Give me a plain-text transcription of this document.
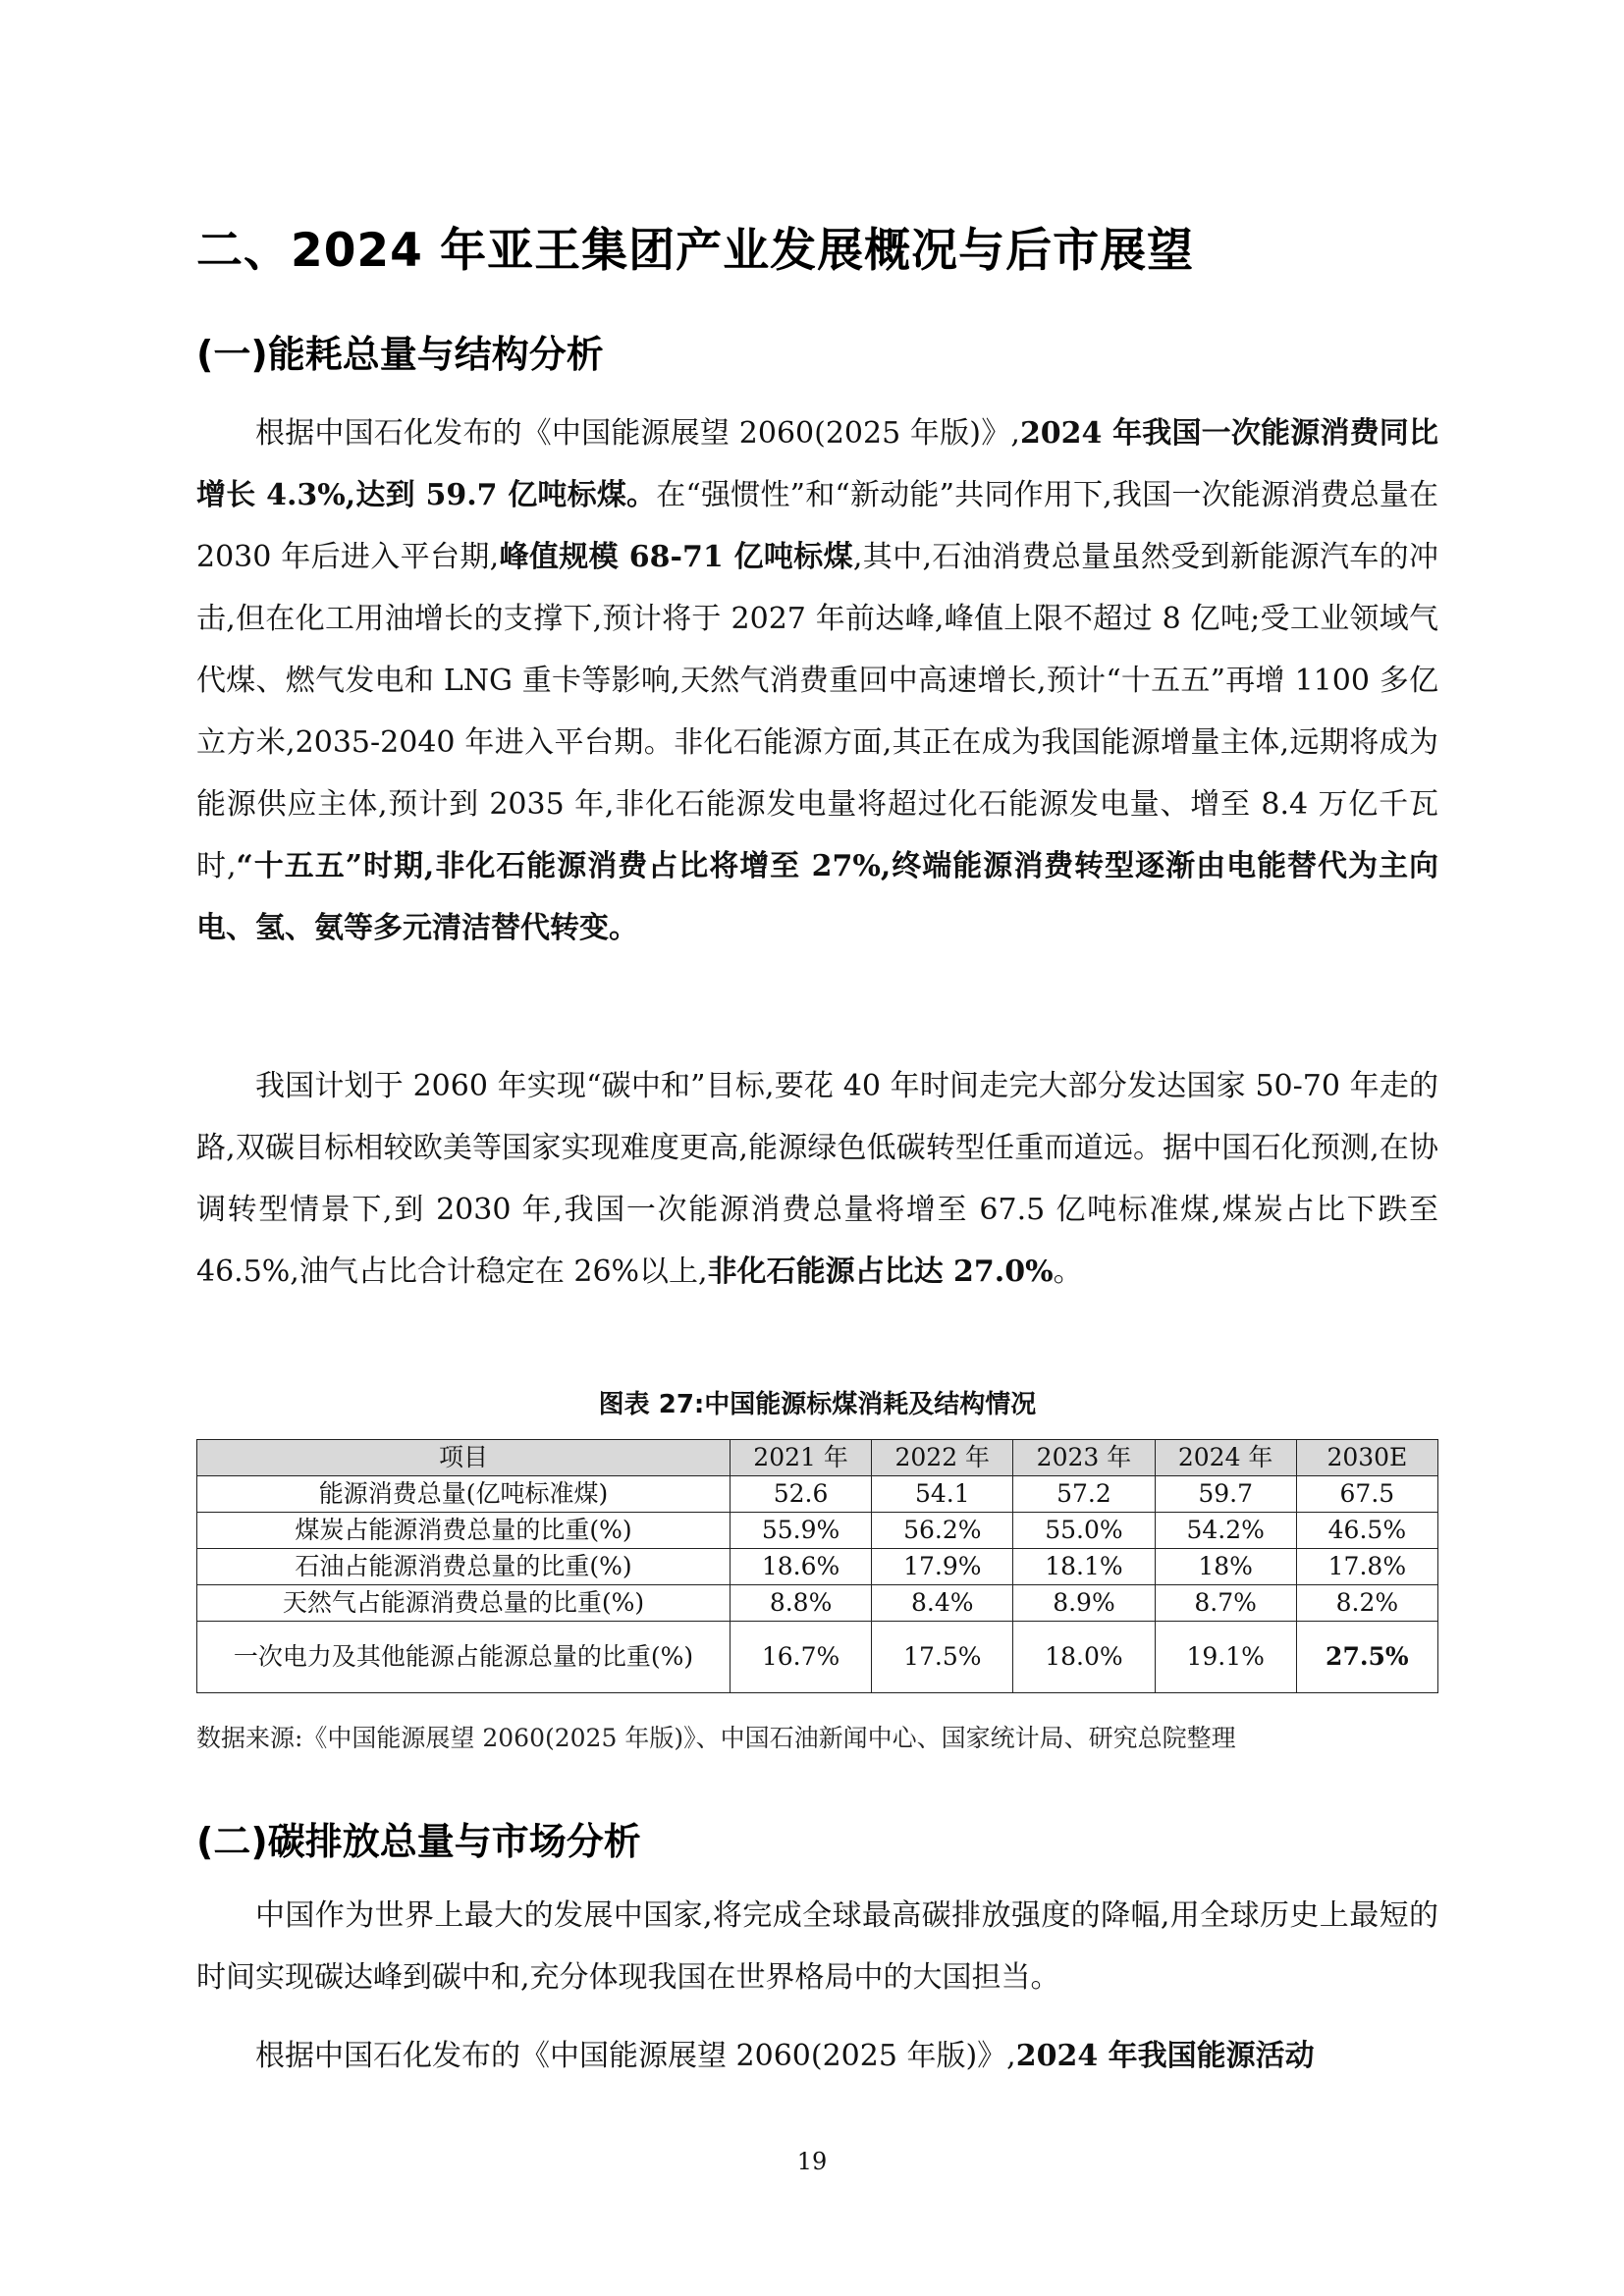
二、2024 年亚王集团产业发展概况与后市展望
(一)能耗总量与结构分析

根据中国石化发布的《中国能源展望 2060(2025 年版)》,2024 年我国一次能源消费同比增长 4.3%,达到 59.7 亿吨标煤。在“强惯性”和“新动能”共同作用下,我国一次能源消费总量在 2030 年后进入平台期,峰值规模 68-71 亿吨标煤,其中,石油消费总量虽然受到新能源汽车的冲击,但在化工用油增长的支撑下,预计将于 2027 年前达峰,峰值上限不超过 8 亿吨;受工业领域气代煤、燃气发电和 LNG 重卡等影响,天然气消费重回中高速增长,预计“十五五”再增 1100 多亿立方米,2035-2040 年进入平台期。非化石能源方面,其正在成为我国能源增量主体,远期将成为能源供应主体,预计到 2035 年,非化石能源发电量将超过化石能源发电量、增至 8.4 万亿千瓦时,“十五五”时期,非化石能源消费占比将增至 27%,终端能源消费转型逐渐由电能替代为主向电、氢、氨等多元清洁替代转变。

我国计划于 2060 年实现“碳中和”目标,要花 40 年时间走完大部分发达国家 50-70 年走的路,双碳目标相较欧美等国家实现难度更高,能源绿色低碳转型任重而道远。据中国石化预测,在协调转型情景下,到 2030 年,我国一次能源消费总量将增至 67.5 亿吨标准煤,煤炭占比下跌至 46.5%,油气占比合计稳定在 26%以上,非化石能源占比达 27.0%。

图表 27:中国能源标煤消耗及结构情况
项目	2021 年	2022 年	2023 年	2024 年	2030E
能源消费总量(亿吨标准煤)	52.6	54.1	57.2	59.7	67.5
煤炭占能源消费总量的比重(%)	55.9%	56.2%	55.0%	54.2%	46.5%
石油占能源消费总量的比重(%)	18.6%	17.9%	18.1%	18%	17.8%
天然气占能源消费总量的比重(%)	8.8%	8.4%	8.9%	8.7%	8.2%
一次电力及其他能源占能源总量的比重(%)	16.7%	17.5%	18.0%	19.1%	27.5%
数据来源:《中国能源展望 2060(2025 年版)》、中国石油新闻中心、国家统计局、研究总院整理
(二)碳排放总量与市场分析

中国作为世界上最大的发展中国家,将完成全球最高碳排放强度的降幅,用全球历史上最短的时间实现碳达峰到碳中和,充分体现我国在世界格局中的大国担当。

根据中国石化发布的《中国能源展望 2060(2025 年版)》,2024 年我国能源活动

19
